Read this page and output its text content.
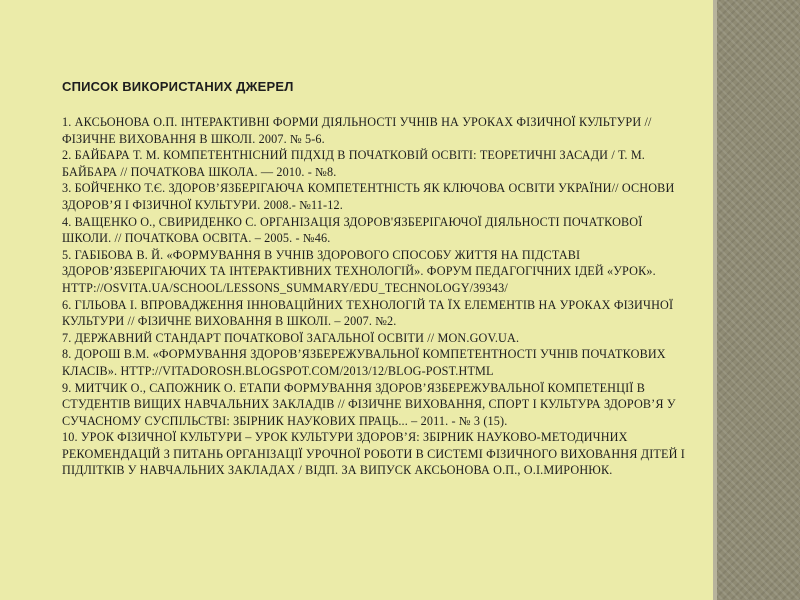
СПИСОК ВИКОРИСТАНИХ ДЖЕРЕЛ
1. АКСЬОНОВА О.П. ІНТЕРАКТИВНІ ФОРМИ ДІЯЛЬНОСТІ УЧНІВ НА УРОКАХ ФІЗИЧНОЇ КУЛЬТУРИ // ФІЗИЧНЕ ВИХОВАННЯ В ШКОЛІ. 2007. № 5-6.
2. БАЙБАРА Т. М. КОМПЕТЕНТНІСНИЙ ПІДХІД В ПОЧАТКОВІЙ ОСВІТІ: ТЕОРЕТИЧНІ ЗАСАДИ / Т. М. БАЙБАРА // ПОЧАТКОВА ШКОЛА. — 2010. - №8.
3. БОЙЧЕНКО Т.Є. ЗДОРОВ’ЯЗБЕРІГАЮЧА КОМПЕТЕНТНІСТЬ ЯК КЛЮЧОВА ОСВІТИ УКРАЇНИ// ОСНОВИ ЗДОРОВ’Я І ФІЗИЧНОЇ КУЛЬТУРИ. 2008.- №11-12.
4. ВАЩЕНКО О., СВИРИДЕНКО С. ОРГАНІЗАЦІЯ ЗДОРОВ'ЯЗБЕРІГАЮЧОЇ ДІЯЛЬНОСТІ ПОЧАТКОВОЇ ШКОЛИ. // ПОЧАТКОВА ОСВІТА. – 2005. - №46.
5. ГАБІБОВА В. Й. «ФОРМУВАННЯ В УЧНІВ ЗДОРОВОГО СПОСОБУ ЖИТТЯ НА ПІДСТАВІ ЗДОРОВ’ЯЗБЕРІГАЮЧИХ ТА ІНТЕРАКТИВНИХ ТЕХНОЛОГІЙ». ФОРУМ ПЕДАГОГІЧНИХ ІДЕЙ «УРОК». HTTP://OSVITA.UA/SCHOOL/LESSONS_SUMMARY/EDU_TECHNOLOGY/39343/
6. ГІЛЬОВА І. ВПРОВАДЖЕННЯ ІННОВАЦІЙНИХ ТЕХНОЛОГІЙ ТА ЇХ ЕЛЕМЕНТІВ НА УРОКАХ ФІЗИЧНОЇ КУЛЬТУРИ // ФІЗИЧНЕ ВИХОВАННЯ В ШКОЛІ. – 2007. №2.
7. ДЕРЖАВНИЙ СТАНДАРТ ПОЧАТКОВОЇ ЗАГАЛЬНОЇ ОСВІТИ // MON.GOV.UA.
8. ДОРОШ В.М. «ФОРМУВАННЯ ЗДОРОВ’ЯЗБЕРЕЖУВАЛЬНОЇ КОМПЕТЕНТНОСТІ УЧНІВ ПОЧАТКОВИХ КЛАСІВ». HTTP://VITADOROSH.BLOGSPOT.COM/2013/12/BLOG-POST.HTML
9. МИТЧИК О., САПОЖНИК О. ЕТАПИ ФОРМУВАННЯ ЗДОРОВ’ЯЗБЕРЕЖУВАЛЬНОЇ КОМПЕТЕНЦІЇ В СТУДЕНТІВ ВИЩИХ НАВЧАЛЬНИХ ЗАКЛАДІВ // ФІЗИЧНЕ ВИХОВАННЯ, СПОРТ І КУЛЬТУРА ЗДОРОВ’Я У СУЧАСНОМУ СУСПІЛЬСТВІ: ЗБІРНИК НАУКОВИХ ПРАЦЬ... – 2011. - № 3 (15).
10. УРОК ФІЗИЧНОЇ КУЛЬТУРИ – УРОК КУЛЬТУРИ ЗДОРОВ’Я: ЗБІРНИК НАУКОВО-МЕТОДИЧНИХ РЕКОМЕНДАЦІЙ З ПИТАНЬ ОРГАНІЗАЦІЇ УРОЧНОЇ РОБОТИ В СИСТЕМІ ФІЗИЧНОГО ВИХОВАННЯ ДІТЕЙ І ПІДЛІТКІВ У НАВЧАЛЬНИХ ЗАКЛАДАХ / ВІДП. ЗА ВИПУСК АКСЬОНОВА О.П., О.І.МИРОНЮК.
